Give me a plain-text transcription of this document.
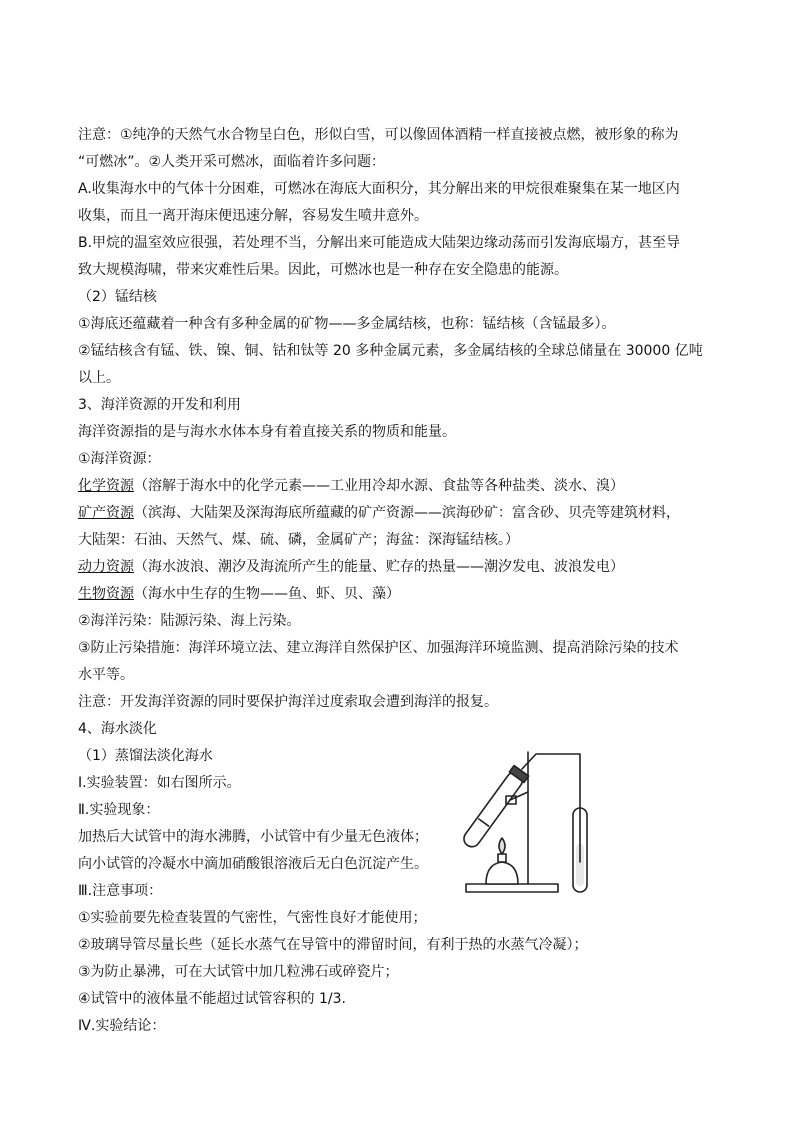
注意：①纯净的天然气水合物呈白色，形似白雪，可以像固体酒精一样直接被点燃，被形象的称为
“可燃冰”。②人类开采可燃冰，面临着许多问题：
A.收集海水中的气体十分困难，可燃冰在海底大面积分，其分解出来的甲烷很难聚集在某一地区内
收集，而且一离开海床便迅速分解，容易发生喷井意外。
B.甲烷的温室效应很强，若处理不当，分解出来可能造成大陆架边缘动荡而引发海底塌方，甚至导
致大规模海啸，带来灾难性后果。因此，可燃冰也是一种存在安全隐患的能源。
（2）锰结核
①海底还蕴藏着一种含有多种金属的矿物——多金属结核，也称：锰结核（含锰最多）。
②锰结核含有锰、铁、镍、铜、钴和钛等 20 多种金属元素，多金属结核的全球总储量在 30000 亿吨
以上。
3、海洋资源的开发和利用
海洋资源指的是与海水水体本身有着直接关系的物质和能量。
①海洋资源：
化学资源（溶解于海水中的化学元素——工业用冷却水源、食盐等各种盐类、淡水、溴）
矿产资源（滨海、大陆架及深海海底所蕴藏的矿产资源——滨海砂矿：富含砂、贝壳等建筑材料，
大陆架：石油、天然气、煤、硫、磷，金属矿产；海盆：深海锰结核。）
动力资源（海水波浪、潮汐及海流所产生的能量、贮存的热量——潮汐发电、波浪发电）
生物资源（海水中生存的生物——鱼、虾、贝、藻）
②海洋污染：陆源污染、海上污染。
③防止污染措施：海洋环境立法、建立海洋自然保护区、加强海洋环境监测、提高消除污染的技术
水平等。
注意：开发海洋资源的同时要保护海洋过度索取会遭到海洋的报复。
4、海水淡化
（1）蒸馏法淡化海水
Ⅰ.实验装置：如右图所示。
Ⅱ.实验现象：
加热后大试管中的海水沸腾，小试管中有少量无色液体；
向小试管的冷凝水中滴加硝酸银溶液后无白色沉淀产生。
Ⅲ.注意事项：
①实验前要先检查装置的气密性，气密性良好才能使用；
②玻璃导管尽量长些（延长水蒸气在导管中的滞留时间，有利于热的水蒸气冷凝）；
③为防止暴沸，可在大试管中加几粒沸石或碎瓷片；
④试管中的液体量不能超过试管容积的 1/3.
Ⅳ.实验结论：
